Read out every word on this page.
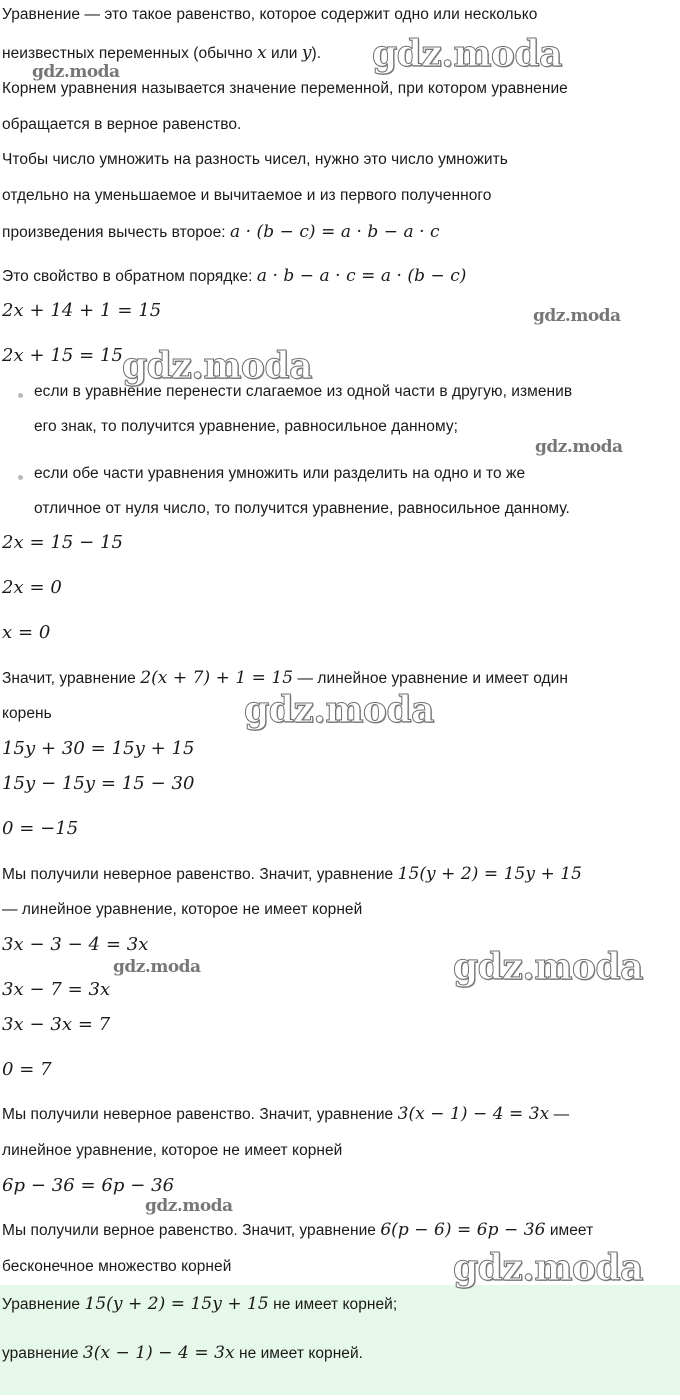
Уравнение — это такое равенство, которое содержит одно или несколько
неизвестных переменных (обычно x или y).
Корнем уравнения называется значение переменной, при котором уравнение
обращается в верное равенство.
Чтобы число умножить на разность чисел, нужно это число умножить
отдельно на уменьшаемое и вычитаемое и из первого полученного
произведения вычесть второе: a · (b − c) = a · b − a · c
Это свойство в обратном порядке: a · b − a · c = a · (b − c)
2x + 14 + 1 = 15
2x + 15 = 15
если в уравнение перенести слагаемое из одной части в другую, изменив
его знак, то получится уравнение, равносильное данному;
если обе части уравнения умножить или разделить на одно и то же
отличное от нуля число, то получится уравнение, равносильное данному.
2x = 15 − 15
2x = 0
x = 0
Значит, уравнение 2(x + 7) + 1 = 15 — линейное уравнение и имеет один
корень
15y + 30 = 15y + 15
15y − 15y = 15 − 30
0 = −15
Мы получили неверное равенство. Значит, уравнение 15(y + 2) = 15y + 15
— линейное уравнение, которое не имеет корней
3x − 3 − 4 = 3x
3x − 7 = 3x
3x − 3x = 7
0 = 7
Мы получили неверное равенство. Значит, уравнение 3(x − 1) − 4 = 3x —
линейное уравнение, которое не имеет корней
6p − 36 = 6p − 36
Мы получили верное равенство. Значит, уравнение 6(p − 6) = 6p − 36 имеет
бесконечное множество корней
Уравнение 15(y + 2) = 15y + 15 не имеет корней;
уравнение 3(x − 1) − 4 = 3x не имеет корней.
gdz.moda
gdz.moda
gdz.moda
gdz.moda
gdz.moda
gdz.moda
gdz.moda	gdz.moda
gdz.moda
gdz.moda
